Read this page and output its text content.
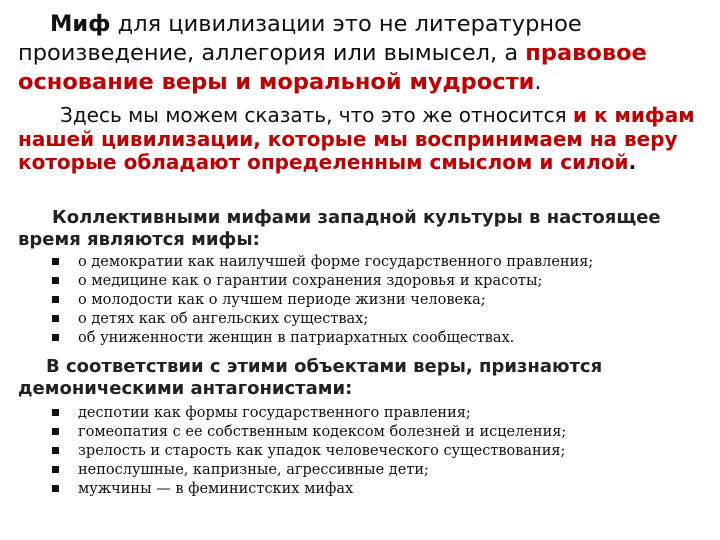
Миф для цивилизации это не литературное произведение, аллегория или вымысел, а правовое основание веры и моральной мудрости.

Здесь мы можем сказать, что это же относится и к мифам нашей цивилизации, которые мы воспринимаем на веру которые обладают определенным смыслом и силой.

Коллективными мифами западной культуры в настоящее время являются мифы:

о демократии как наилучшей форме государственного правления;
о медицине как о гарантии сохранения здоровья и красоты;
о молодости как о лучшем периоде жизни человека;
о детях как об ангельских существах;
об униженности женщин в патриархатных сообществах.

В соответствии с этими объектами веры, признаются демоническими антагонистами:

деспотии как формы государственного правления;
гомеопатия с ее собственным кодексом болезней и исцеления;
зрелость и старость как упадок человеческого существования;
непослушные, капризные, агрессивные дети;
мужчины — в феминистских мифах
